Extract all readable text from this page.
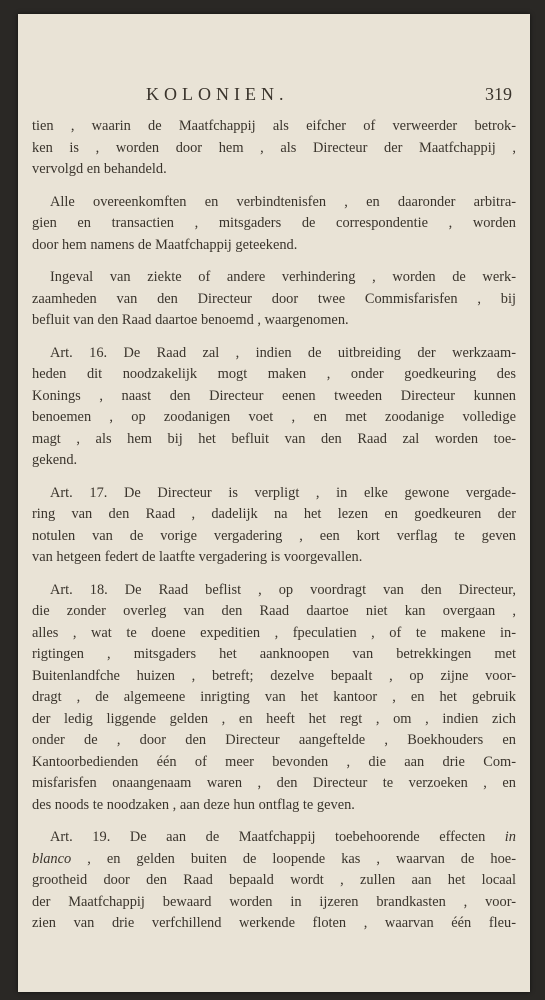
KOLONIEN.	319

tien , waarin de Maatfchappij als eifcher of verweerder betrok-
ken is , worden door hem , als Directeur der Maatfchappij ,
vervolgd en behandeld.

Alle overeenkomften en verbindtenisfen , en daaronder arbitra-
gien en transactien , mitsgaders de correspondentie , worden
door hem namens de Maatfchappij geteekend.

Ingeval van ziekte of andere verhindering , worden de werk-
zaamheden van den Directeur door twee Commisfarisfen , bij
befluit van den Raad daartoe benoemd , waargenomen.

Art. 16. De Raad zal , indien de uitbreiding der werkzaam-
heden dit noodzakelijk mogt maken , onder goedkeuring des
Konings , naast den Directeur eenen tweeden Directeur kunnen
benoemen , op zoodanigen voet , en met zoodanige volledige
magt , als hem bij het befluit van den Raad zal worden toe-
gekend.

Art. 17. De Directeur is verpligt , in elke gewone vergade-
ring van den Raad , dadelijk na het lezen en goedkeuren der
notulen van de vorige vergadering , een kort verflag te geven
van hetgeen federt de laatfte vergadering is voorgevallen.

Art. 18. De Raad beflist , op voordragt van den Directeur,
die zonder overleg van den Raad daartoe niet kan overgaan ,
alles , wat te doene expeditien , fpeculatien , of te makene in-
rigtingen , mitsgaders het aanknoopen van betrekkingen met
Buitenlandfche huizen , betreft; dezelve bepaalt , op zijne voor-
dragt , de algemeene inrigting van het kantoor , en het gebruik
der ledig liggende gelden , en heeft het regt , om , indien zich
onder de , door den Directeur aangeftelde , Boekhouders en
Kantoorbedienden één of meer bevonden , die aan drie Com-
misfarisfen onaangenaam waren , den Directeur te verzoeken , en
des noods te noodzaken , aan deze hun ontflag te geven.

Art. 19. De aan de Maatfchappij toebehoorende effecten in
blanco , en gelden buiten de loopende kas , waarvan de hoe-
grootheid door den Raad bepaald wordt , zullen aan het locaal
der Maatfchappij bewaard worden in ijzeren brandkasten , voor-
zien van drie verfchillend werkende floten , waarvan één fleu-
